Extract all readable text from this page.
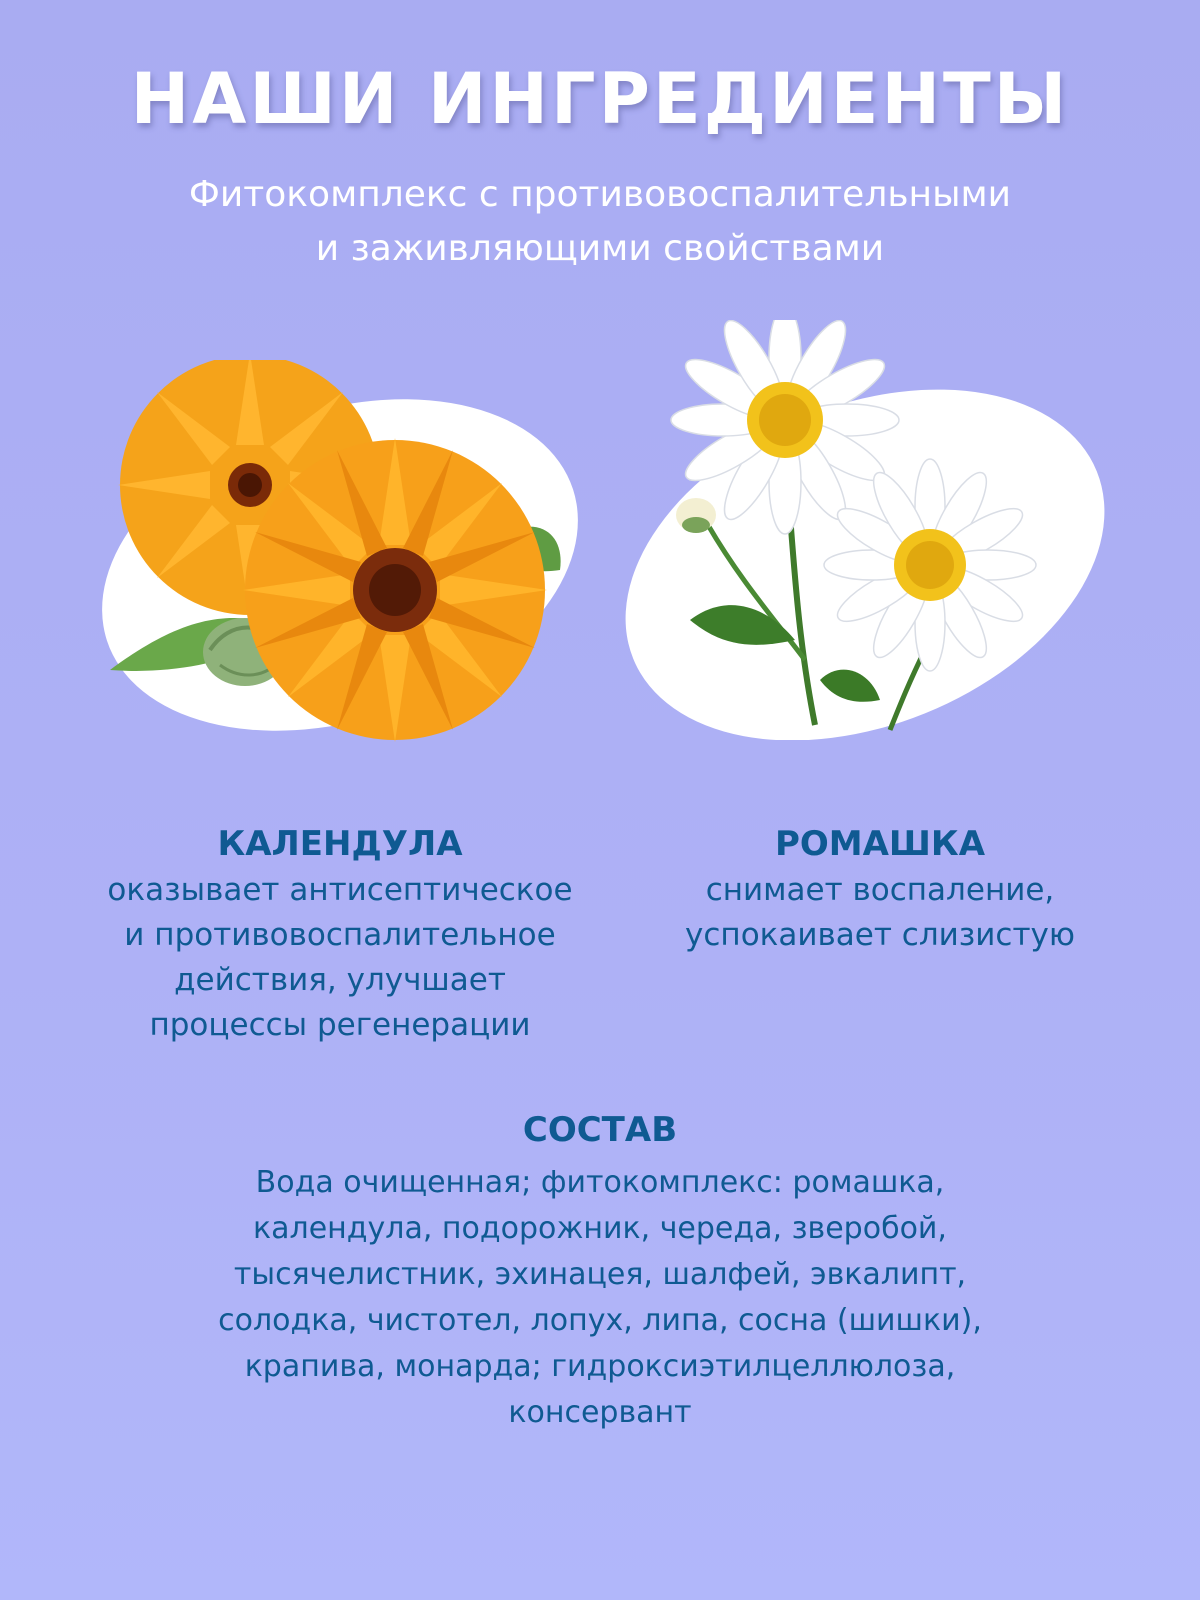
НАШИ ИНГРЕДИЕНТЫ
Фитокомплекс с противовоспалительными
и заживляющими свойствами
КАЛЕНДУЛА
оказывает антисептическое
и противовоспалительное
действия, улучшает
процессы регенерации
РОМАШКА
снимает воспаление,
успокаивает слизистую
СОСТАВ
Вода очищенная; фитокомплекс: ромашка,
календула, подорожник, череда, зверобой,
тысячелистник, эхинацея, шалфей, эвкалипт,
солодка, чистотел, лопух, липа, сосна (шишки),
крапива, монарда; гидроксиэтилцеллюлоза,
консервант
